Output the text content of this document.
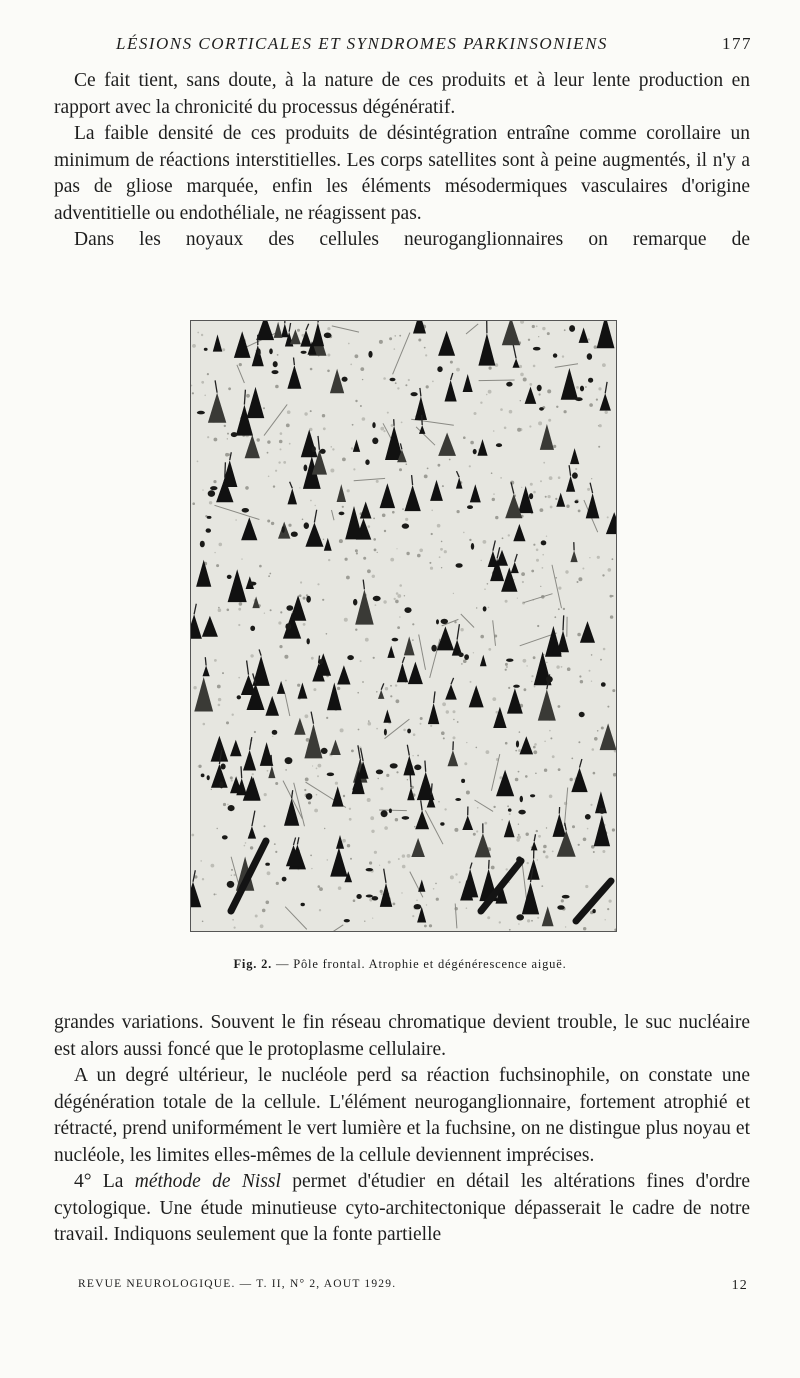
LÉSIONS CORTICALES ET SYNDROMES PARKINSONIENS	177

Ce fait tient, sans doute, à la nature de ces produits et à leur lente production en rapport avec la chronicité du processus dégénératif.

La faible densité de ces produits de désintégration entraîne comme corollaire un minimum de réactions interstitielles. Les corps satellites sont à peine augmentés, il n'y a pas de gliose marquée, enfin les éléments mésodermiques vasculaires d'origine adventitielle ou endothéliale, ne réagissent pas.

Dans les noyaux des cellules neuroganglionnaires on remarque de

Fig. 2. — Pôle frontal. Atrophie et dégénérescence aiguë.

grandes variations. Souvent le fin réseau chromatique devient trouble, le suc nucléaire est alors aussi foncé que le protoplasme cellulaire.

A un degré ultérieur, le nucléole perd sa réaction fuchsinophile, on constate une dégénération totale de la cellule. L'élément neuroganglionnaire, fortement atrophié et rétracté, prend uniformément le vert lumière et la fuchsine, on ne distingue plus noyau et nucléole, les limites elles-mêmes de la cellule deviennent imprécises.

4° La méthode de Nissl permet d'étudier en détail les altérations fines d'ordre cytologique. Une étude minutieuse cyto-architectonique dépasserait le cadre de notre travail. Indiquons seulement que la fonte partielle

REVUE NEUROLOGIQUE. — T. II, N° 2, AOUT 1929.	12
